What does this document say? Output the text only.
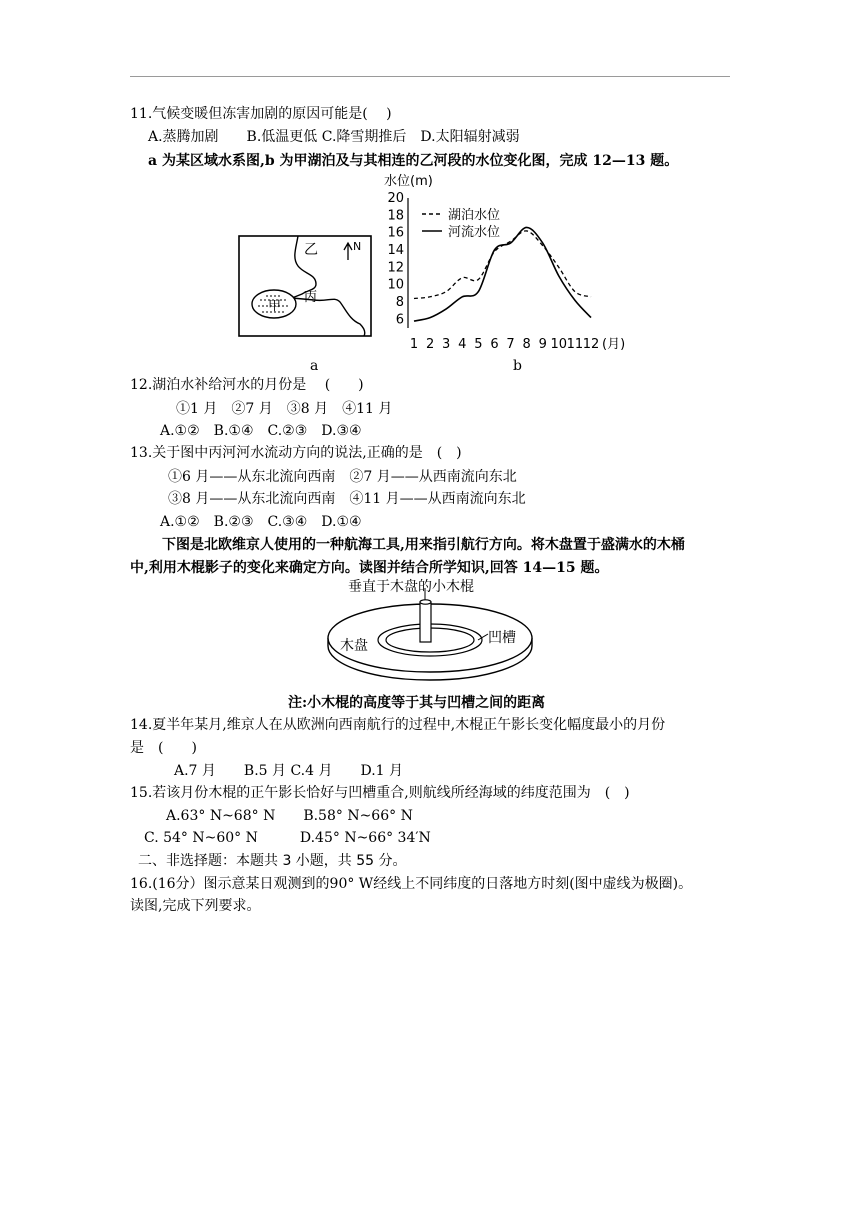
11.气候变暖但冻害加剧的原因可能是(　 )
A.蒸腾加剧　　B.低温更低 C.降雪期推后　D.太阳辐射减弱
a 为某区域水系图,b 为甲湖泊及与其相连的乙河段的水位变化图，完成 12—13 题。
乙
甲
丙
N
a
水位(m)
20
18
16
14
12
10
8
6
1 2 3 4 5 6 7 8 9 10 11 12 (月)
湖泊水位
河流水位
b
12.湖泊水补给河水的月份是　 (　　)
①1 月　②7 月　③8 月　④11 月
A.①②　B.①④　C.②③　D.③④
13.关于图中丙河河水流动方向的说法,正确的是　(　)
①6 月——从东北流向西南　②7 月——从西南流向东北
③8 月——从东北流向西南　④11 月——从西南流向东北
A.①②　B.②③　C.③④　D.①④
下图是北欧维京人使用的一种航海工具,用来指引航行方向。将木盘置于盛满水的木桶
中,利用木棍影子的变化来确定方向。读图并结合所学知识,回答 14—15 题。
木盘	凹槽
垂直于木盘的小木棍
注:小木棍的高度等于其与凹槽之间的距离
14.夏半年某月,维京人在从欧洲向西南航行的过程中,木棍正午影长变化幅度最小的月份
是　(　　)
A.7 月　　B.5 月 C.4 月　　D.1 月
15.若该月份木棍的正午影长恰好与凹槽重合,则航线所经海域的纬度范围为　(　)
A.63° N~68° N　　B.58° N~66° N
C. 54° N~60° N　　　D.45° N~66° 34′N
二、非选择题：本题共 3 小题，共 55 分。
16.(16分）图示意某日观测到的90° W经线上不同纬度的日落地方时刻(图中虚线为极圈)。
读图,完成下列要求。
